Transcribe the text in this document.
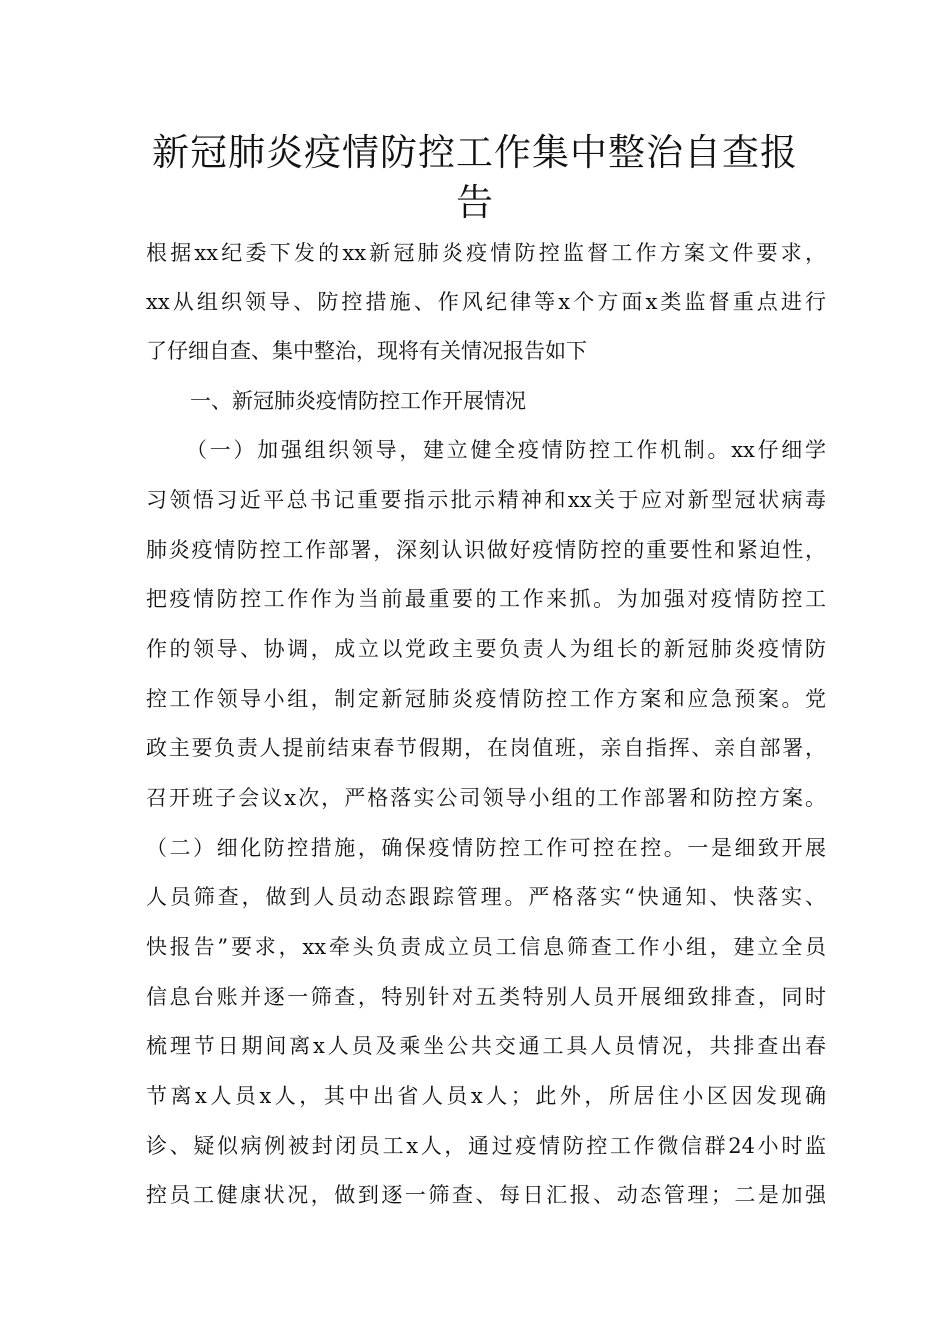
新冠肺炎疫情防控工作集中整治自查报
告

根据xx纪委下发的xx新冠肺炎疫情防控监督工作方案文件要求，

xx从组织领导、防控措施、作风纪律等x个方面x类监督重点进行

了仔细自查、集中整治，现将有关情况报告如下

一、新冠肺炎疫情防控工作开展情况

（一）加强组织领导，建立健全疫情防控工作机制。xx仔细学

习领悟习近平总书记重要指示批示精神和xx关于应对新型冠状病毒

肺炎疫情防控工作部署，深刻认识做好疫情防控的重要性和紧迫性，

把疫情防控工作作为当前最重要的工作来抓。为加强对疫情防控工

作的领导、协调，成立以党政主要负责人为组长的新冠肺炎疫情防

控工作领导小组，制定新冠肺炎疫情防控工作方案和应急预案。党

政主要负责人提前结束春节假期，在岗值班，亲自指挥、亲自部署，

召开班子会议x次，严格落实公司领导小组的工作部署和防控方案。

（二）细化防控措施，确保疫情防控工作可控在控。一是细致开展

人员筛查，做到人员动态跟踪管理。严格落实“快通知、快落实、

快报告”要求，xx牵头负责成立员工信息筛查工作小组，建立全员

信息台账并逐一筛查，特别针对五类特别人员开展细致排查，同时

梳理节日期间离x人员及乘坐公共交通工具人员情况，共排查出春

节离x人员x人，其中出省人员x人；此外，所居住小区因发现确

诊、疑似病例被封闭员工x人，通过疫情防控工作微信群24小时监

控员工健康状况，做到逐一筛查、每日汇报、动态管理；二是加强
